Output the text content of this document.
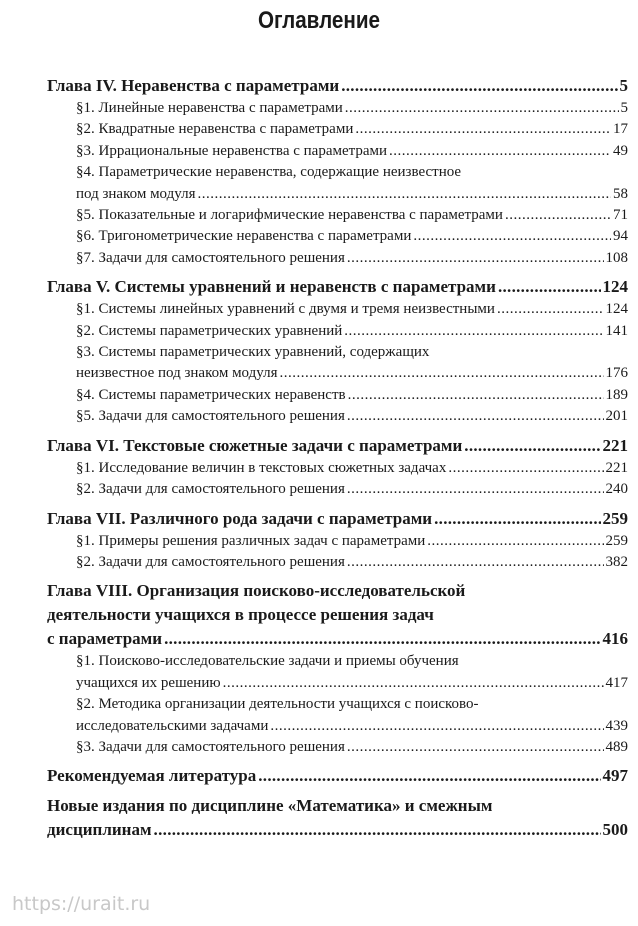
Оглавление
Глава IV. Неравенства с параметрами .....	5
§1. Линейные неравенства с параметрами .....	5
§2. Квадратные неравенства с параметрами .....	17
§3. Иррациональные неравенства с параметрами .....	49
§4. Параметрические неравенства, содержащие неизвестное
под знаком модуля .....	58
§5. Показательные и логарифмические неравенства с параметрами .....	71
§6. Тригонометрические неравенства с параметрами .....	94
§7. Задачи для самостоятельного решения .....	108
Глава V. Системы уравнений и неравенств с параметрами .....	124
§1. Системы линейных уравнений с двумя и тремя неизвестными .....	124
§2. Системы параметрических уравнений .....	141
§3. Системы параметрических уравнений, содержащих
неизвестное под знаком модуля .....	176
§4. Системы параметрических неравенств .....	189
§5. Задачи для самостоятельного решения .....	201
Глава VI. Текстовые сюжетные задачи с параметрами .....	221
§1. Исследование величин в текстовых сюжетных задачах .....	221
§2. Задачи для самостоятельного решения .....	240
Глава VII. Различного рода задачи с параметрами .....	259
§1. Примеры решения различных задач с параметрами .....	259
§2. Задачи для самостоятельного решения .....	382
Глава VIII. Организация поисково-исследовательской
деятельности учащихся в процессе решения задач
с параметрами .....	416
§1. Поисково-исследовательские задачи и приемы обучения
учащихся их решению .....	417
§2. Методика организации деятельности учащихся с поисково-
исследовательскими задачами .....	439
§3. Задачи для самостоятельного решения .....	489
Рекомендуемая литература .....	497
Новые издания по дисциплине «Математика» и смежным
дисциплинам .....	500
https://urait.ru
